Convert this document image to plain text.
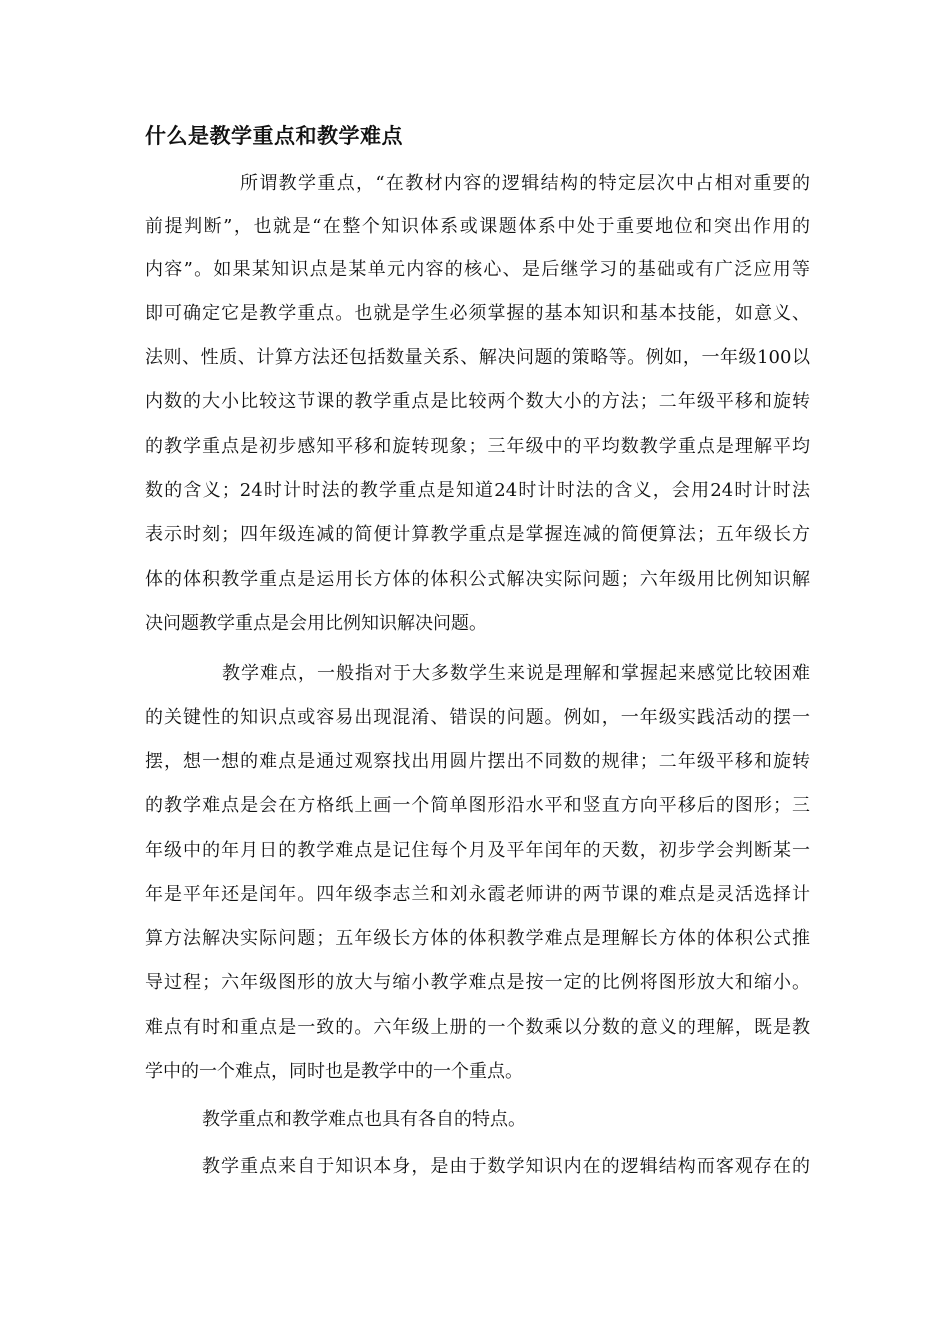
什么是教学重点和教学难点
所谓教学重点，“在教材内容的逻辑结构的特定层次中占相对重要的
前提判断”，也就是“在整个知识体系或课题体系中处于重要地位和突出作用的
内容”。如果某知识点是某单元内容的核心、是后继学习的基础或有广泛应用等
即可确定它是教学重点。也就是学生必须掌握的基本知识和基本技能，如意义、
法则、性质、计算方法还包括数量关系、解决问题的策略等。例如，一年级100以
内数的大小比较这节课的教学重点是比较两个数大小的方法；二年级平移和旋转
的教学重点是初步感知平移和旋转现象；三年级中的平均数教学重点是理解平均
数的含义；24时计时法的教学重点是知道24时计时法的含义，会用24时计时法
表示时刻；四年级连减的简便计算教学重点是掌握连减的简便算法；五年级长方
体的体积教学重点是运用长方体的体积公式解决实际问题；六年级用比例知识解
决问题教学重点是会用比例知识解决问题。
教学难点，一般指对于大多数学生来说是理解和掌握起来感觉比较困难
的关键性的知识点或容易出现混淆、错误的问题。例如，一年级实践活动的摆一
摆，想一想的难点是通过观察找出用圆片摆出不同数的规律；二年级平移和旋转
的教学难点是会在方格纸上画一个简单图形沿水平和竖直方向平移后的图形；三
年级中的年月日的教学难点是记住每个月及平年闰年的天数，初步学会判断某一
年是平年还是闰年。四年级李志兰和刘永霞老师讲的两节课的难点是灵活选择计
算方法解决实际问题；五年级长方体的体积教学难点是理解长方体的体积公式推
导过程；六年级图形的放大与缩小教学难点是按一定的比例将图形放大和缩小。
难点有时和重点是一致的。六年级上册的一个数乘以分数的意义的理解，既是教
学中的一个难点，同时也是教学中的一个重点。
教学重点和教学难点也具有各自的特点。
教学重点来自于知识本身，是由于数学知识内在的逻辑结构而客观存在的
